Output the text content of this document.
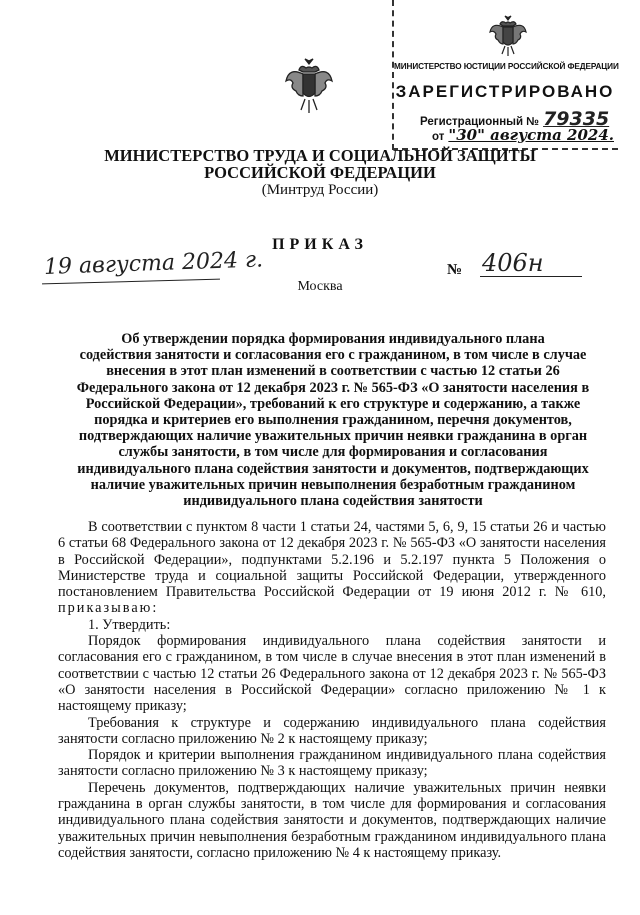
МИНИСТЕРСТВО ЮСТИЦИИ РОССИЙСКОЙ ФЕДЕРАЦИИ
ЗАРЕГИСТРИРОВАНО
Регистрационный № 79335
от "30" августа 2024.
МИНИСТЕРСТВО ТРУДА И СОЦИАЛЬНОЙ ЗАЩИТЫ
РОССИЙСКОЙ ФЕДЕРАЦИИ
(Минтруд России)
ПРИКАЗ
19 августа 2024 г.	№ 406н
Москва
Об утверждении порядка формирования индивидуального плана
содействия занятости и согласования его с гражданином, в том числе в случае
внесения в этот план изменений в соответствии с частью 12 статьи 26
Федерального закона от 12 декабря 2023 г. № 565-ФЗ «О занятости населения в
Российской Федерации», требований к его структуре и содержанию, а также
порядка и критериев его выполнения гражданином, перечня документов,
подтверждающих наличие уважительных причин неявки гражданина в орган
службы занятости, в том числе для формирования и согласования
индивидуального плана содействия занятости и документов, подтверждающих
наличие уважительных причин невыполнения безработным гражданином
индивидуального плана содействия занятости

В соответствии с пунктом 8 части 1 статьи 24, частями 5, 6, 9, 15 статьи 26 и частью 6 статьи 68 Федерального закона от 12 декабря 2023 г. № 565-ФЗ «О занятости населения в Российской Федерации», подпунктами 5.2.196 и 5.2.197 пункта 5 Положения о Министерстве труда и социальной защиты Российской Федерации, утвержденного постановлением Правительства Российской Федерации от 19 июня 2012 г. № 610, приказываю:

1. Утвердить:

Порядок формирования индивидуального плана содействия занятости и согласования его с гражданином, в том числе в случае внесения в этот план изменений в соответствии с частью 12 статьи 26 Федерального закона от 12 декабря 2023 г. № 565-ФЗ «О занятости населения в Российской Федерации» согласно приложению № 1 к настоящему приказу;

Требования к структуре и содержанию индивидуального плана содействия занятости согласно приложению № 2 к настоящему приказу;

Порядок и критерии выполнения гражданином индивидуального плана содействия занятости согласно приложению № 3 к настоящему приказу;

Перечень документов, подтверждающих наличие уважительных причин неявки гражданина в орган службы занятости, в том числе для формирования и согласования индивидуального плана содействия занятости и документов, подтверждающих наличие уважительных причин невыполнения безработным гражданином индивидуального плана содействия занятости, согласно приложению № 4 к настоящему приказу.
